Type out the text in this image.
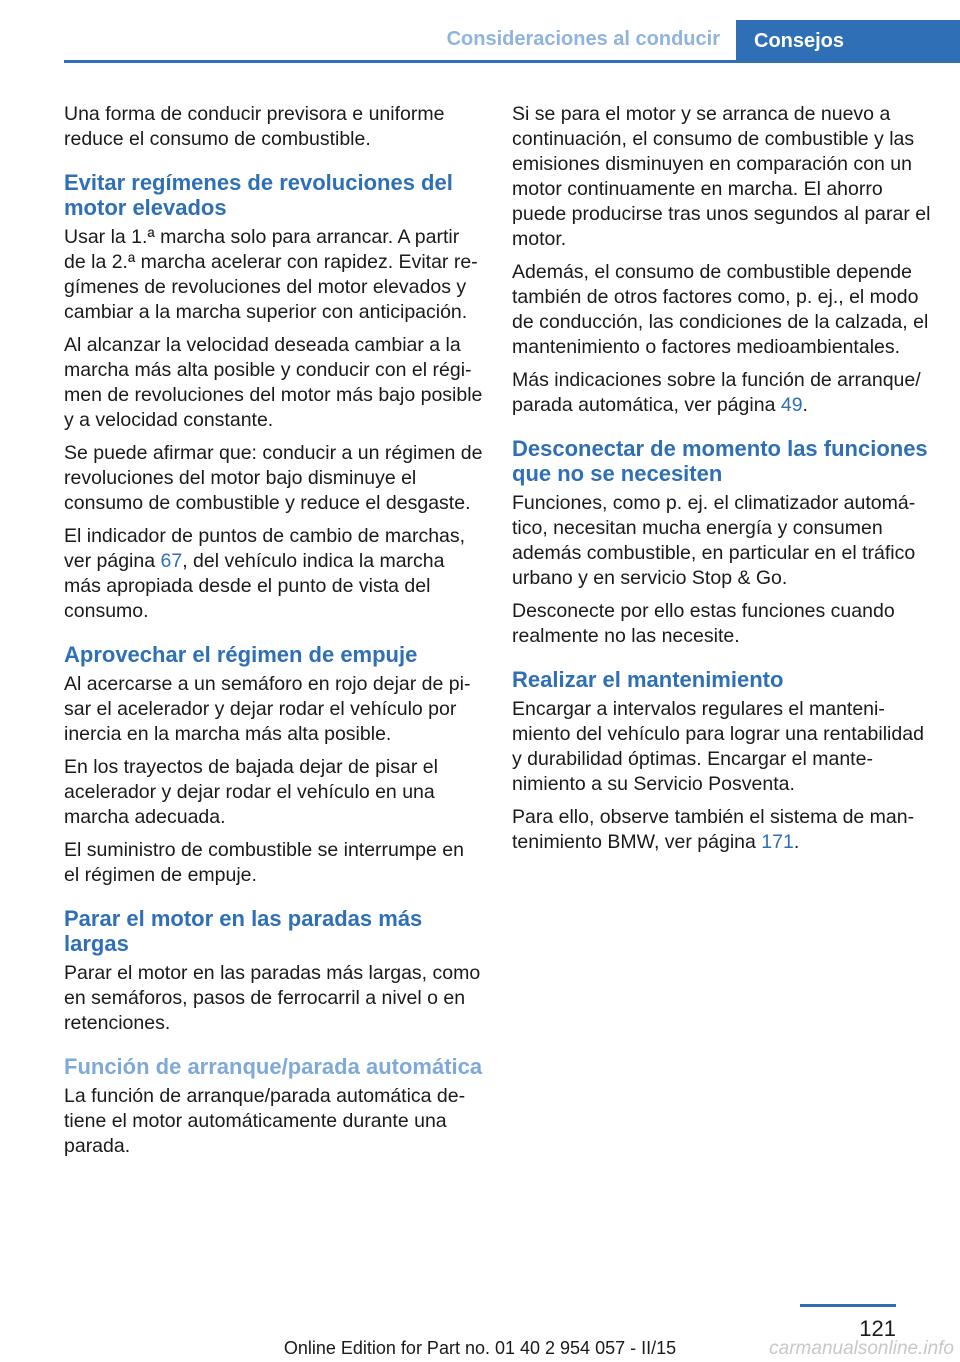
Consideraciones al conducir	Consejos

Una forma de conducir previsora e uniforme reduce el consumo de combustible.

Evitar regímenes de revoluciones del motor elevados

Usar la 1.ª marcha solo para arrancar. A partir de la 2.ª marcha acelerar con rapidez. Evitar regímenes de revoluciones del motor elevados y cambiar a la marcha superior con anticipación.

Al alcanzar la velocidad deseada cambiar a la marcha más alta posible y conducir con el régimen de revoluciones del motor más bajo posible y a velocidad constante.

Se puede afirmar que: conducir a un régimen de revoluciones del motor bajo disminuye el consumo de combustible y reduce el desgaste.

El indicador de puntos de cambio de marchas, ver página 67, del vehículo indica la marcha más apropiada desde el punto de vista del consumo.

Aprovechar el régimen de empuje

Al acercarse a un semáforo en rojo dejar de pisar el acelerador y dejar rodar el vehículo por inercia en la marcha más alta posible.

En los trayectos de bajada dejar de pisar el acelerador y dejar rodar el vehículo en una marcha adecuada.

El suministro de combustible se interrumpe en el régimen de empuje.

Parar el motor en las paradas más largas

Parar el motor en las paradas más largas, como en semáforos, pasos de ferrocarril a nivel o en retenciones.

Función de arranque/parada automática

La función de arranque/parada automática detiene el motor automáticamente durante una parada.

Si se para el motor y se arranca de nuevo a continuación, el consumo de combustible y las emisiones disminuyen en comparación con un motor continuamente en marcha. El ahorro puede producirse tras unos segundos al parar el motor.

Además, el consumo de combustible depende también de otros factores como, p. ej., el modo de conducción, las condiciones de la calzada, el mantenimiento o factores medioambientales.

Más indicaciones sobre la función de arranque/ parada automática, ver página 49.

Desconectar de momento las funciones que no se necesiten

Funciones, como p. ej. el climatizador automático, necesitan mucha energía y consumen además combustible, en particular en el tráfico urbano y en servicio Stop & Go.

Desconecte por ello estas funciones cuando realmente no las necesite.

Realizar el mantenimiento

Encargar a intervalos regulares el mantenimiento del vehículo para lograr una rentabilidad y durabilidad óptimas. Encargar el mantenimiento a su Servicio Posventa.

Para ello, observe también el sistema de mantenimiento BMW, ver página 171.

121
Online Edition for Part no. 01 40 2 954 057 - II/15	carmanualsonline.info
